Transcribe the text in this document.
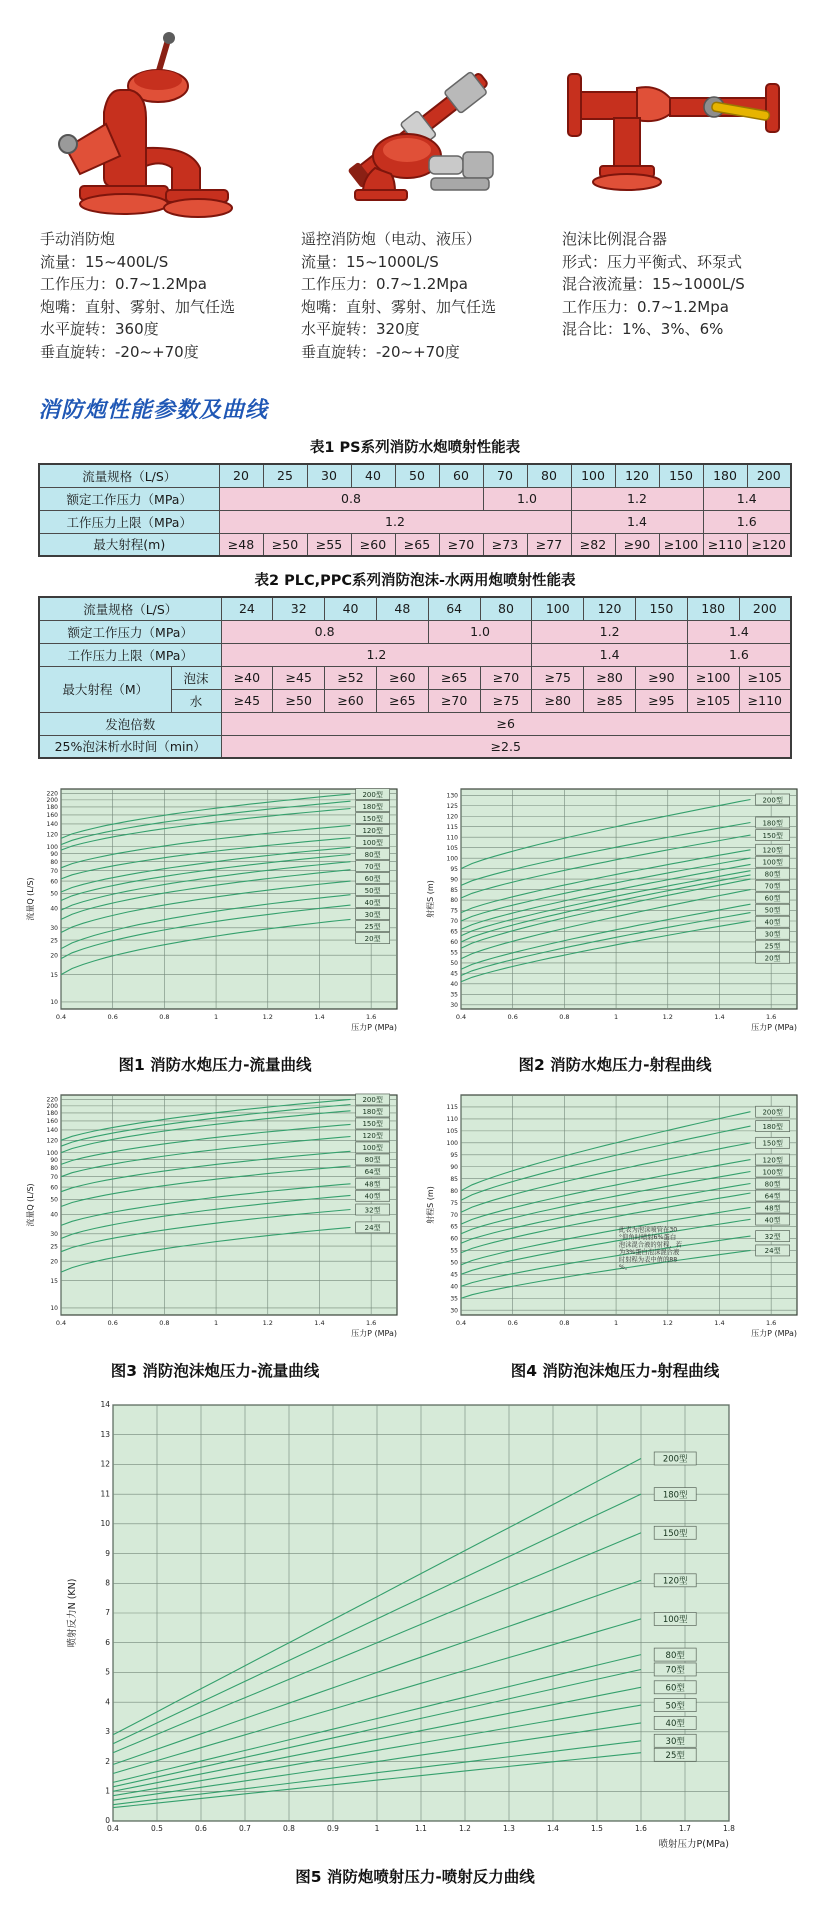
手动消防炮
流量：15~400L/S
工作压力：0.7~1.2Mpa
炮嘴：直射、雾射、加气任选
水平旋转：360度
垂直旋转：-20~+70度
遥控消防炮（电动、液压）
流量：15~1000L/S
工作压力：0.7~1.2Mpa
炮嘴：直射、雾射、加气任选
水平旋转：320度
垂直旋转：-20~+70度
泡沫比例混合器
形式：压力平衡式、环泵式
混合液流量：15~1000L/S
工作压力：0.7~1.2Mpa
混合比：1%、3%、6%
消防炮性能参数及曲线
表1 PS系列消防水炮喷射性能表
流量规格（L/S）	20	25	30	40	50	60	70	80	100	120	150	180	200
额定工作压力（MPa）	0.8						1.0		1.2			1.4	
工作压力上限（MPa）	1.2								1.4			1.6	
最大射程(m)	≥48	≥50	≥55	≥60	≥65	≥70	≥73	≥77	≥82	≥90	≥100	≥110	≥120
表2 PLC,PPC系列消防泡沫-水两用炮喷射性能表
流量规格（L/S）		24	32	40	48	64	80	100	120	150	180	200
额定工作压力（MPa）		0.8				1.0		1.2			1.4	
工作压力上限（MPa）		1.2						1.4			1.6	
最大射程（M）	泡沫	≥40	≥45	≥52	≥60	≥65	≥70	≥75	≥80	≥90	≥100	≥105
	水	≥45	≥50	≥60	≥65	≥70	≥75	≥80	≥85	≥95	≥105	≥110
发泡倍数		≥6										
25%泡沫析水时间（min）		≥2.5										
0.4	0.6	0.8	1	1.2	1.4	1.6
220
200
180
160
140
120
100
90
80
70
60
50
40
30
25
20
15
10
200型
180型
150型
120型
100型
80型
70型
60型
50型
40型
30型
25型
20型
流量Q (L/S)
压力P (MPa)
图1 消防水炮压力-流量曲线
0.4	0.6	0.8	1	1.2	1.4	1.6
130
125
120
115
110
105
100
95
90
85
80
75
70
65
60
55
50
45
40
35
30
200型
180型
150型
120型
100型
80型
70型
60型
50型
40型
30型
25型
20型
射程S (m)
压力P (MPa)
图2 消防水炮压力-射程曲线
0.4	0.6	0.8	1	1.2	1.4	1.6
220
200
180
160
140
120
100
90
80
70
60
50
40
30
25
20
15
10
200型
180型
150型
120型
100型
80型
64型
48型
40型
32型
24型
流量Q (L/S)
压力P (MPa)
图3 消防泡沫炮压力-流量曲线
0.4	0.6	0.8	1	1.2	1.4	1.6
115
110
105
100
95
90
85
80
75
70
65
60
55
50
45
40
35
30
200型
180型
150型
120型
100型
80型
64型
48型
40型
32型
24型
射程S (m)
压力P (MPa)
此表为泡沫喷管在30 °仰角时喷射6%蛋白泡沫混合液的射程，若为3%蛋白泡沫混合液时射程为表中值的88 %。
图4 消防泡沫炮压力-射程曲线
0.4	0.5	0.6	0.7	0.8	0.9	1	1.1	1.2	1.3	1.4	1.5	1.6	1.7	1.8
0
1
2
3
4
5
6
7
8
9
10
11
12
13
14
200型
180型
150型
120型
100型
80型
70型
60型
50型
40型
30型
25型
喷射反力N (KN)
喷射压力P(MPa)
图5 消防炮喷射压力-喷射反力曲线
